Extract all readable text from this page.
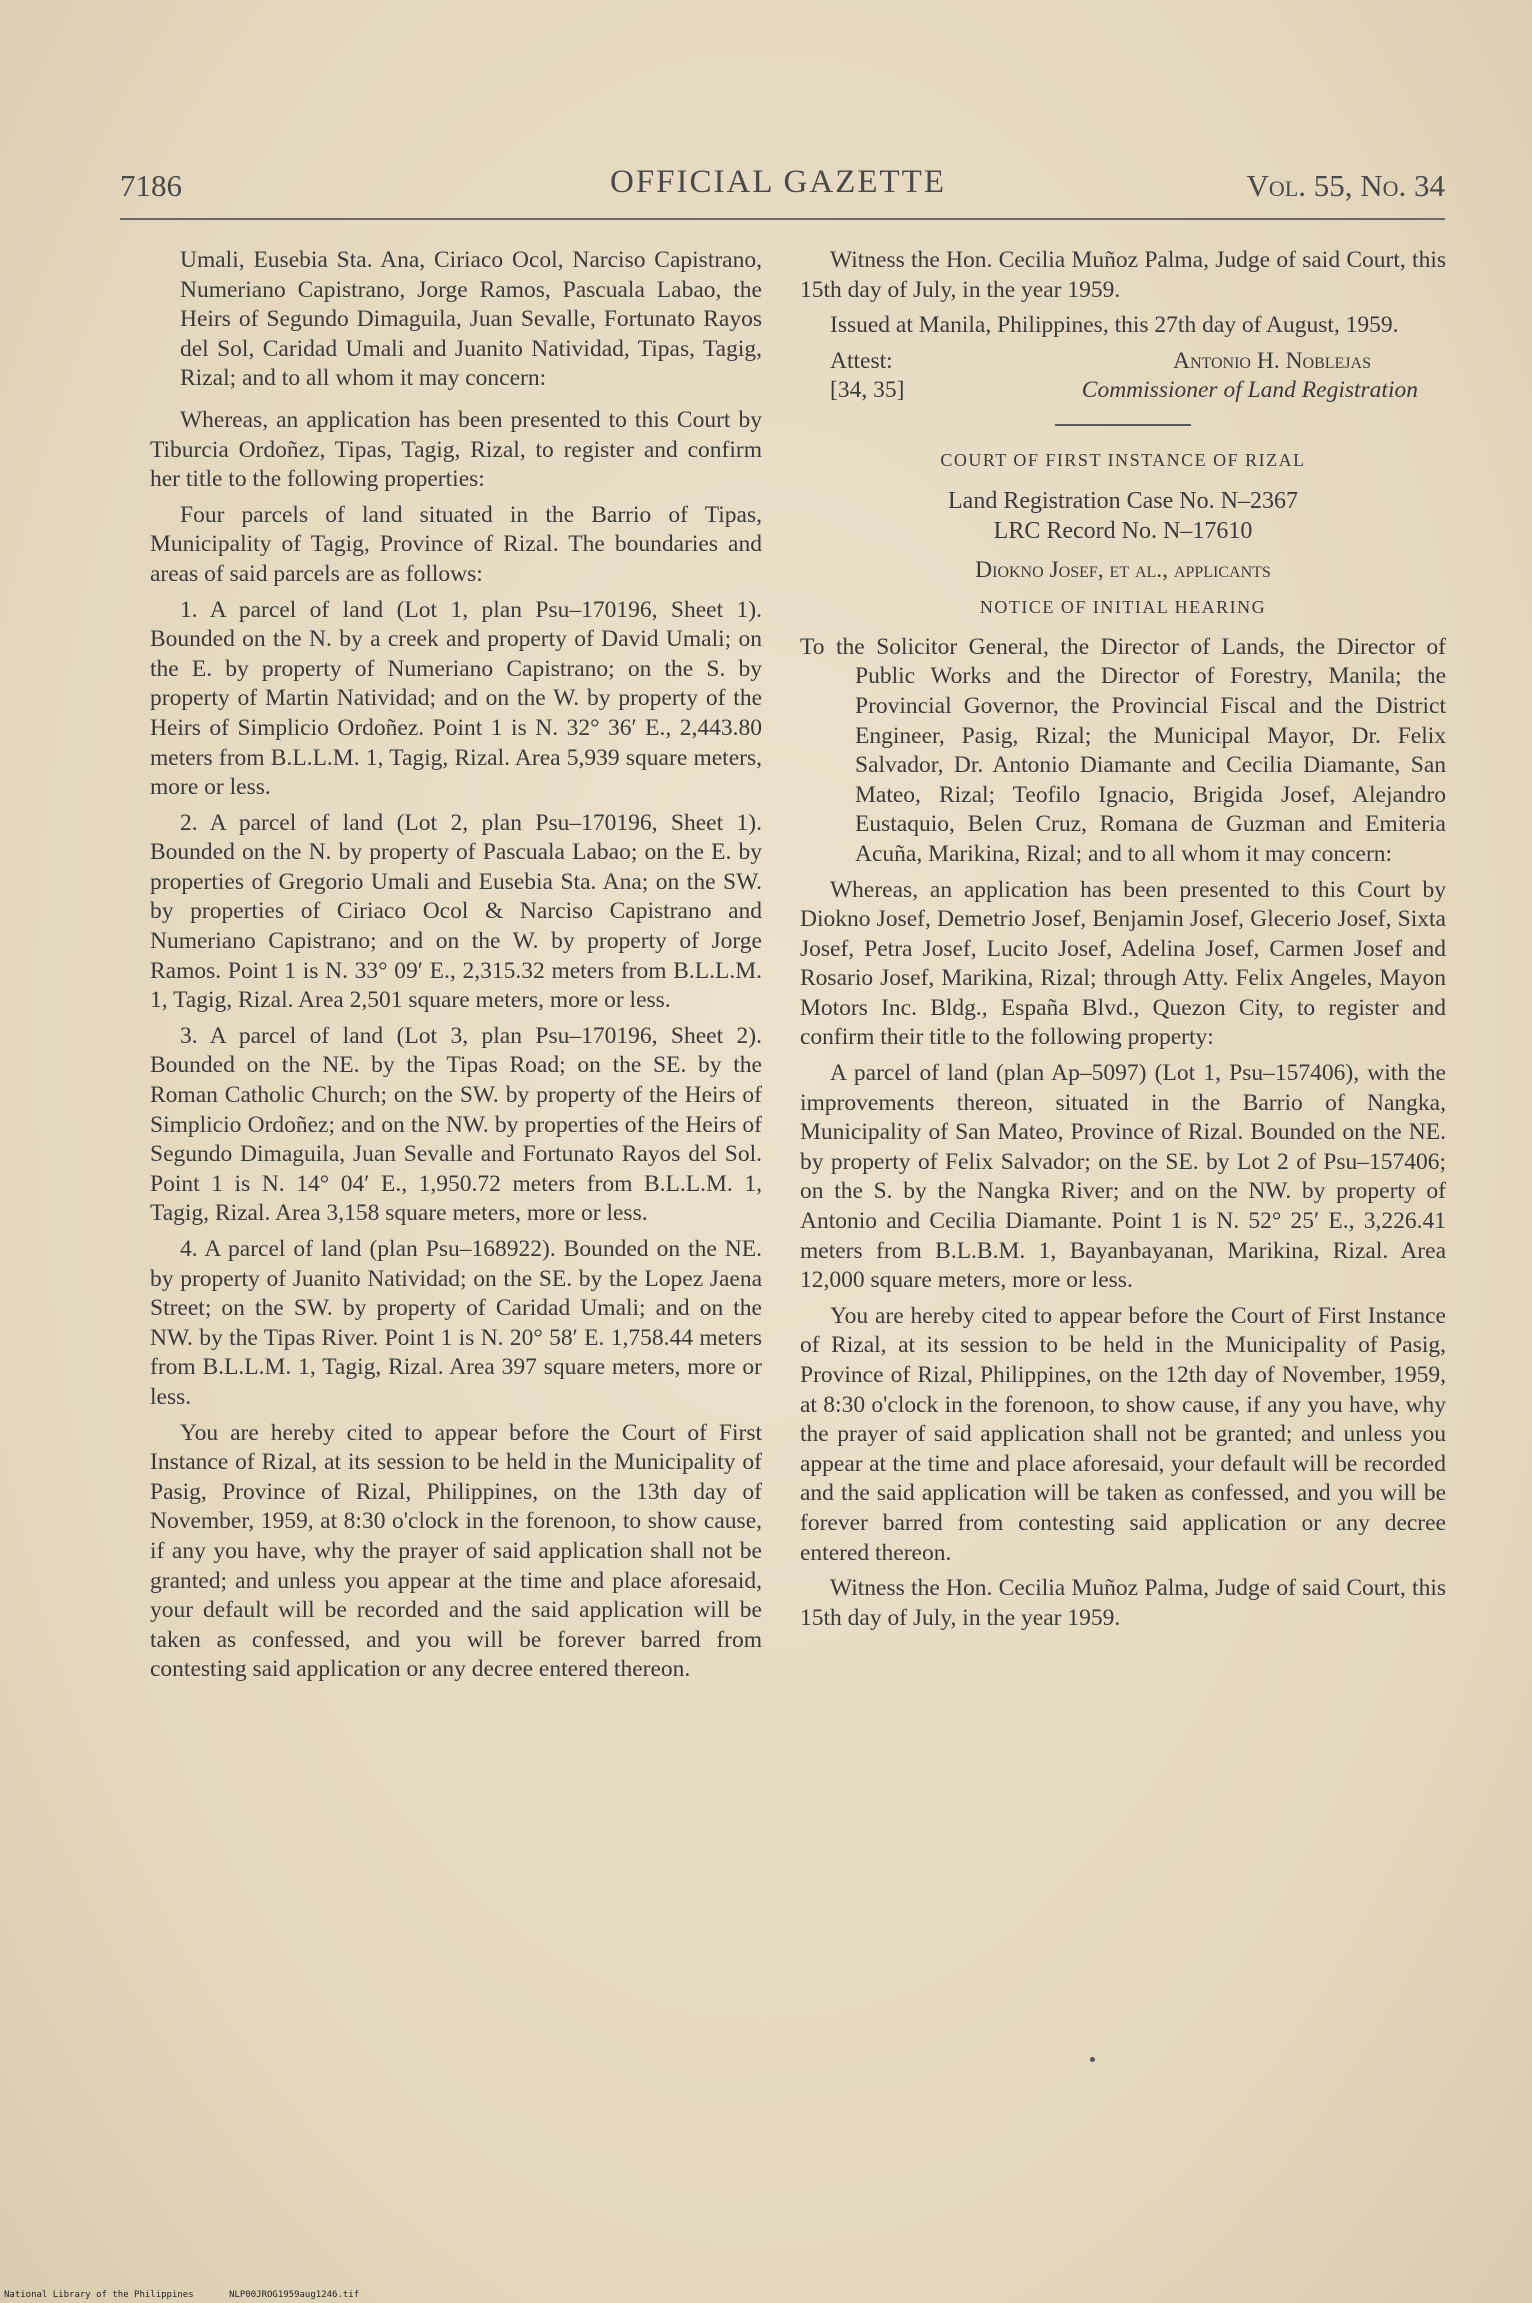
7186	OFFICIAL GAZETTE	Vol. 55, No. 34

Umali, Eusebia Sta. Ana, Ciriaco Ocol, Narciso Capistrano, Numeriano Capistrano, Jorge Ramos, Pascuala Labao, the Heirs of Segundo Dimaguila, Juan Sevalle, Fortunato Rayos del Sol, Caridad Umali and Juanito Natividad, Tipas, Tagig, Rizal; and to all whom it may concern:

Whereas, an application has been presented to this Court by Tiburcia Ordoñez, Tipas, Tagig, Rizal, to register and confirm her title to the following properties:

Four parcels of land situated in the Barrio of Tipas, Municipality of Tagig, Province of Rizal. The boundaries and areas of said parcels are as follows:

1. A parcel of land (Lot 1, plan Psu–170196, Sheet 1). Bounded on the N. by a creek and property of David Umali; on the E. by property of Numeriano Capistrano; on the S. by property of Martin Natividad; and on the W. by property of the Heirs of Simplicio Ordoñez. Point 1 is N. 32° 36′ E., 2,443.80 meters from B.L.L.M. 1, Tagig, Rizal. Area 5,939 square meters, more or less.

2. A parcel of land (Lot 2, plan Psu–170196, Sheet 1). Bounded on the N. by property of Pascuala Labao; on the E. by properties of Gregorio Umali and Eusebia Sta. Ana; on the SW. by properties of Ciriaco Ocol & Narciso Capistrano and Numeriano Capistrano; and on the W. by property of Jorge Ramos. Point 1 is N. 33° 09′ E., 2,315.32 meters from B.L.L.M. 1, Tagig, Rizal. Area 2,501 square meters, more or less.

3. A parcel of land (Lot 3, plan Psu–170196, Sheet 2). Bounded on the NE. by the Tipas Road; on the SE. by the Roman Catholic Church; on the SW. by property of the Heirs of Simplicio Ordoñez; and on the NW. by properties of the Heirs of Segundo Dimaguila, Juan Sevalle and Fortunato Rayos del Sol. Point 1 is N. 14° 04′ E., 1,950.72 meters from B.L.L.M. 1, Tagig, Rizal. Area 3,158 square meters, more or less.

4. A parcel of land (plan Psu–168922). Bounded on the NE. by property of Juanito Natividad; on the SE. by the Lopez Jaena Street; on the SW. by property of Caridad Umali; and on the NW. by the Tipas River. Point 1 is N. 20° 58′ E. 1,758.44 meters from B.L.L.M. 1, Tagig, Rizal. Area 397 square meters, more or less.

You are hereby cited to appear before the Court of First Instance of Rizal, at its session to be held in the Municipality of Pasig, Province of Rizal, Philippines, on the 13th day of November, 1959, at 8:30 o'clock in the forenoon, to show cause, if any you have, why the prayer of said application shall not be granted; and unless you appear at the time and place aforesaid, your default will be recorded and the said application will be taken as confessed, and you will be forever barred from contesting said application or any decree entered thereon.

Witness the Hon. Cecilia Muñoz Palma, Judge of said Court, this 15th day of July, in the year 1959.

Issued at Manila, Philippines, this 27th day of August, 1959.

Attest:	Antonio H. Noblejas
[34, 35]	Commissioner of Land Registration

COURT OF FIRST INSTANCE OF RIZAL

Land Registration Case No. N–2367

LRC Record No. N–17610

Diokno Josef, et al., applicants

NOTICE OF INITIAL HEARING

To the Solicitor General, the Director of Lands, the Director of Public Works and the Director of Forestry, Manila; the Provincial Governor, the Provincial Fiscal and the District Engineer, Pasig, Rizal; the Municipal Mayor, Dr. Felix Salvador, Dr. Antonio Diamante and Cecilia Diamante, San Mateo, Rizal; Teofilo Ignacio, Brigida Josef, Alejandro Eustaquio, Belen Cruz, Romana de Guzman and Emiteria Acuña, Marikina, Rizal; and to all whom it may concern:

Whereas, an application has been presented to this Court by Diokno Josef, Demetrio Josef, Benjamin Josef, Glecerio Josef, Sixta Josef, Petra Josef, Lucito Josef, Adelina Josef, Carmen Josef and Rosario Josef, Marikina, Rizal; through Atty. Felix Angeles, Mayon Motors Inc. Bldg., España Blvd., Quezon City, to register and confirm their title to the following property:

A parcel of land (plan Ap–5097) (Lot 1, Psu–157406), with the improvements thereon, situated in the Barrio of Nangka, Municipality of San Mateo, Province of Rizal. Bounded on the NE. by property of Felix Salvador; on the SE. by Lot 2 of Psu–157406; on the S. by the Nangka River; and on the NW. by property of Antonio and Cecilia Diamante. Point 1 is N. 52° 25′ E., 3,226.41 meters from B.L.B.M. 1, Bayanbayanan, Marikina, Rizal. Area 12,000 square meters, more or less.

You are hereby cited to appear before the Court of First Instance of Rizal, at its session to be held in the Municipality of Pasig, Province of Rizal, Philippines, on the 12th day of November, 1959, at 8:30 o'clock in the forenoon, to show cause, if any you have, why the prayer of said application shall not be granted; and unless you appear at the time and place aforesaid, your default will be recorded and the said application will be taken as confessed, and you will be forever barred from contesting said application or any decree entered thereon.

Witness the Hon. Cecilia Muñoz Palma, Judge of said Court, this 15th day of July, in the year 1959.

National Library of the Philippines	NLP00JROG1959aug1246.tif
